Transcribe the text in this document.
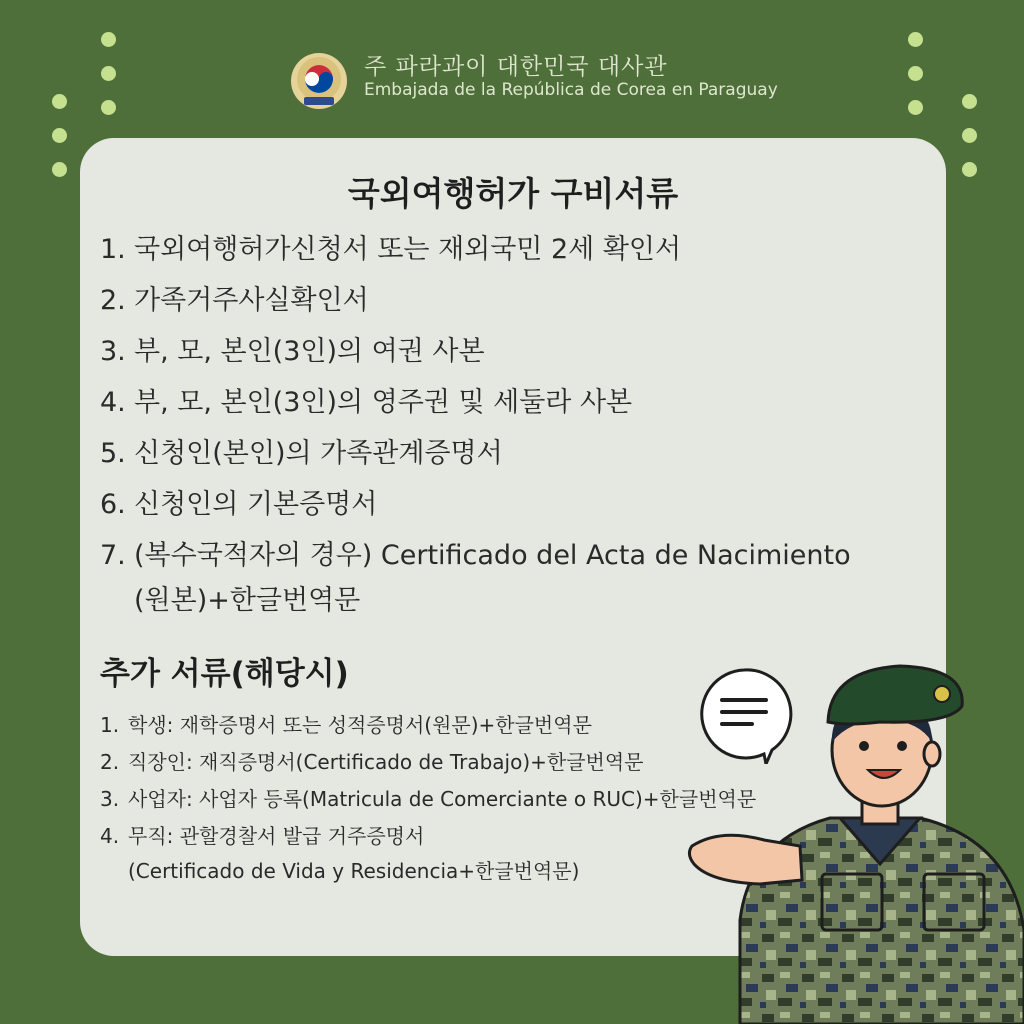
주 파라과이 대한민국 대사관
Embajada de la República de Corea en Paraguay
국외여행허가 구비서류
1. 국외여행허가신청서 또는 재외국민 2세 확인서
2. 가족거주사실확인서
3. 부, 모, 본인(3인)의 여권 사본
4. 부, 모, 본인(3인)의 영주권 및 세둘라 사본
5. 신청인(본인)의 가족관계증명서
6. 신청인의 기본증명서
7. (복수국적자의 경우) Certificado del Acta de Nacimiento
(원본)+한글번역문
추가 서류(해당시)
1. 학생: 재학증명서 또는 성적증명서(원문)+한글번역문
2. 직장인: 재직증명서(Certificado de Trabajo)+한글번역문
3. 사업자: 사업자 등록(Matricula de Comerciante o RUC)+한글번역문
4. 무직: 관할경찰서 발급 거주증명서
(Certificado de Vida y Residencia+한글번역문)
